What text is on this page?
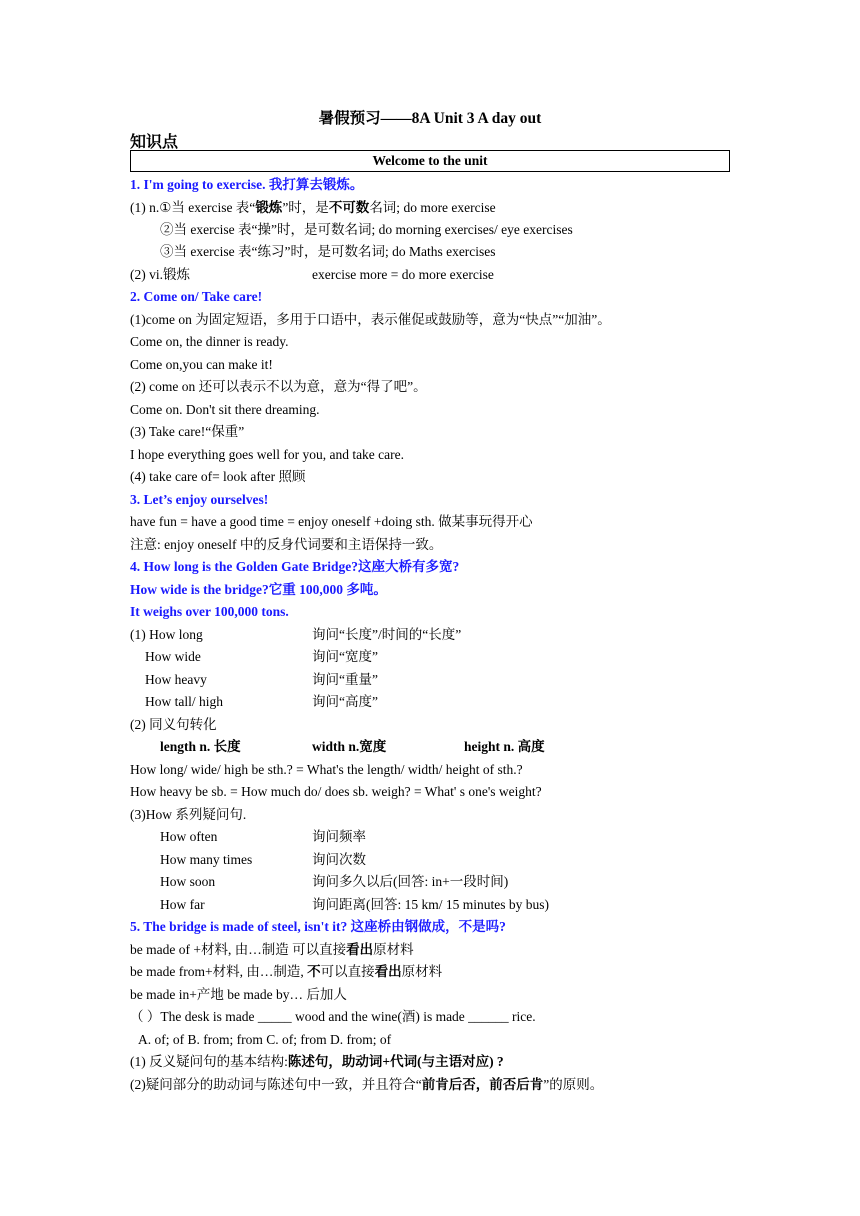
暑假预习——8A Unit 3 A day out
知识点
Welcome to the unit
1. I'm going to exercise. 我打算去锻炼。
(1) n.①当 exercise 表“锻炼”时，是不可数名词; do more exercise
②当 exercise 表“操”时，是可数名词; do morning exercises/ eye exercises
③当 exercise 表“练习”时，是可数名词; do Maths exercises
(2) vi.锻炼	exercise more = do more exercise
2. Come on/ Take care!
(1)come on 为固定短语，多用于口语中，表示催促或鼓励等，意为“快点”“加油”。
Come on, the dinner is ready.
Come on,you can make it!
(2) come on 还可以表示不以为意，意为“得了吧”。
Come on. Don't sit there dreaming.
(3) Take care!“保重”
I hope everything goes well for you, and take care.
(4) take care of= look after 照顾
3. Let’s enjoy ourselves!
have fun = have a good time = enjoy oneself +doing sth. 做某事玩得开心
注意: enjoy oneself 中的反身代词要和主语保持一致。
4. How long is the Golden Gate Bridge?这座大桥有多宽?
How wide is the bridge?它重 100,000 多吨。
It weighs over 100,000 tons.
(1) How long	询问“长度”/时间的“长度”
How wide	询问“宽度”
How heavy	询问“重量”
How tall/ high	询问“高度”
(2) 同义句转化
length n. 长度	width n.宽度	height n. 高度
How long/ wide/ high be sth.? = What's the length/ width/ height of sth.?
How heavy be sb. = How much do/ does sb. weigh? = What' s one's weight?
(3)How 系列疑问句.
How often	询问频率
How many times	询问次数
How soon	询问多久以后(回答: in+一段时间)
How far	询问距离(回答: 15 km/ 15 minutes by bus)
5. The bridge is made of steel, isn't it? 这座桥由钢做成，不是吗?
be made of +材料, 由…制造 可以直接看出原材料
be made from+材料, 由…制造, 不可以直接看出原材料
be made in+产地 be made by… 后加人
（ ）The desk is made _____ wood and the wine(酒) is made ______ rice.
A. of; of B. from; from C. of; from D. from; of
(1) 反义疑问句的基本结构:陈述句，助动词+代词(与主语对应) ?
(2)疑问部分的助动词与陈述句中一致，并且符合“前肯后否，前否后肯”的原则。
